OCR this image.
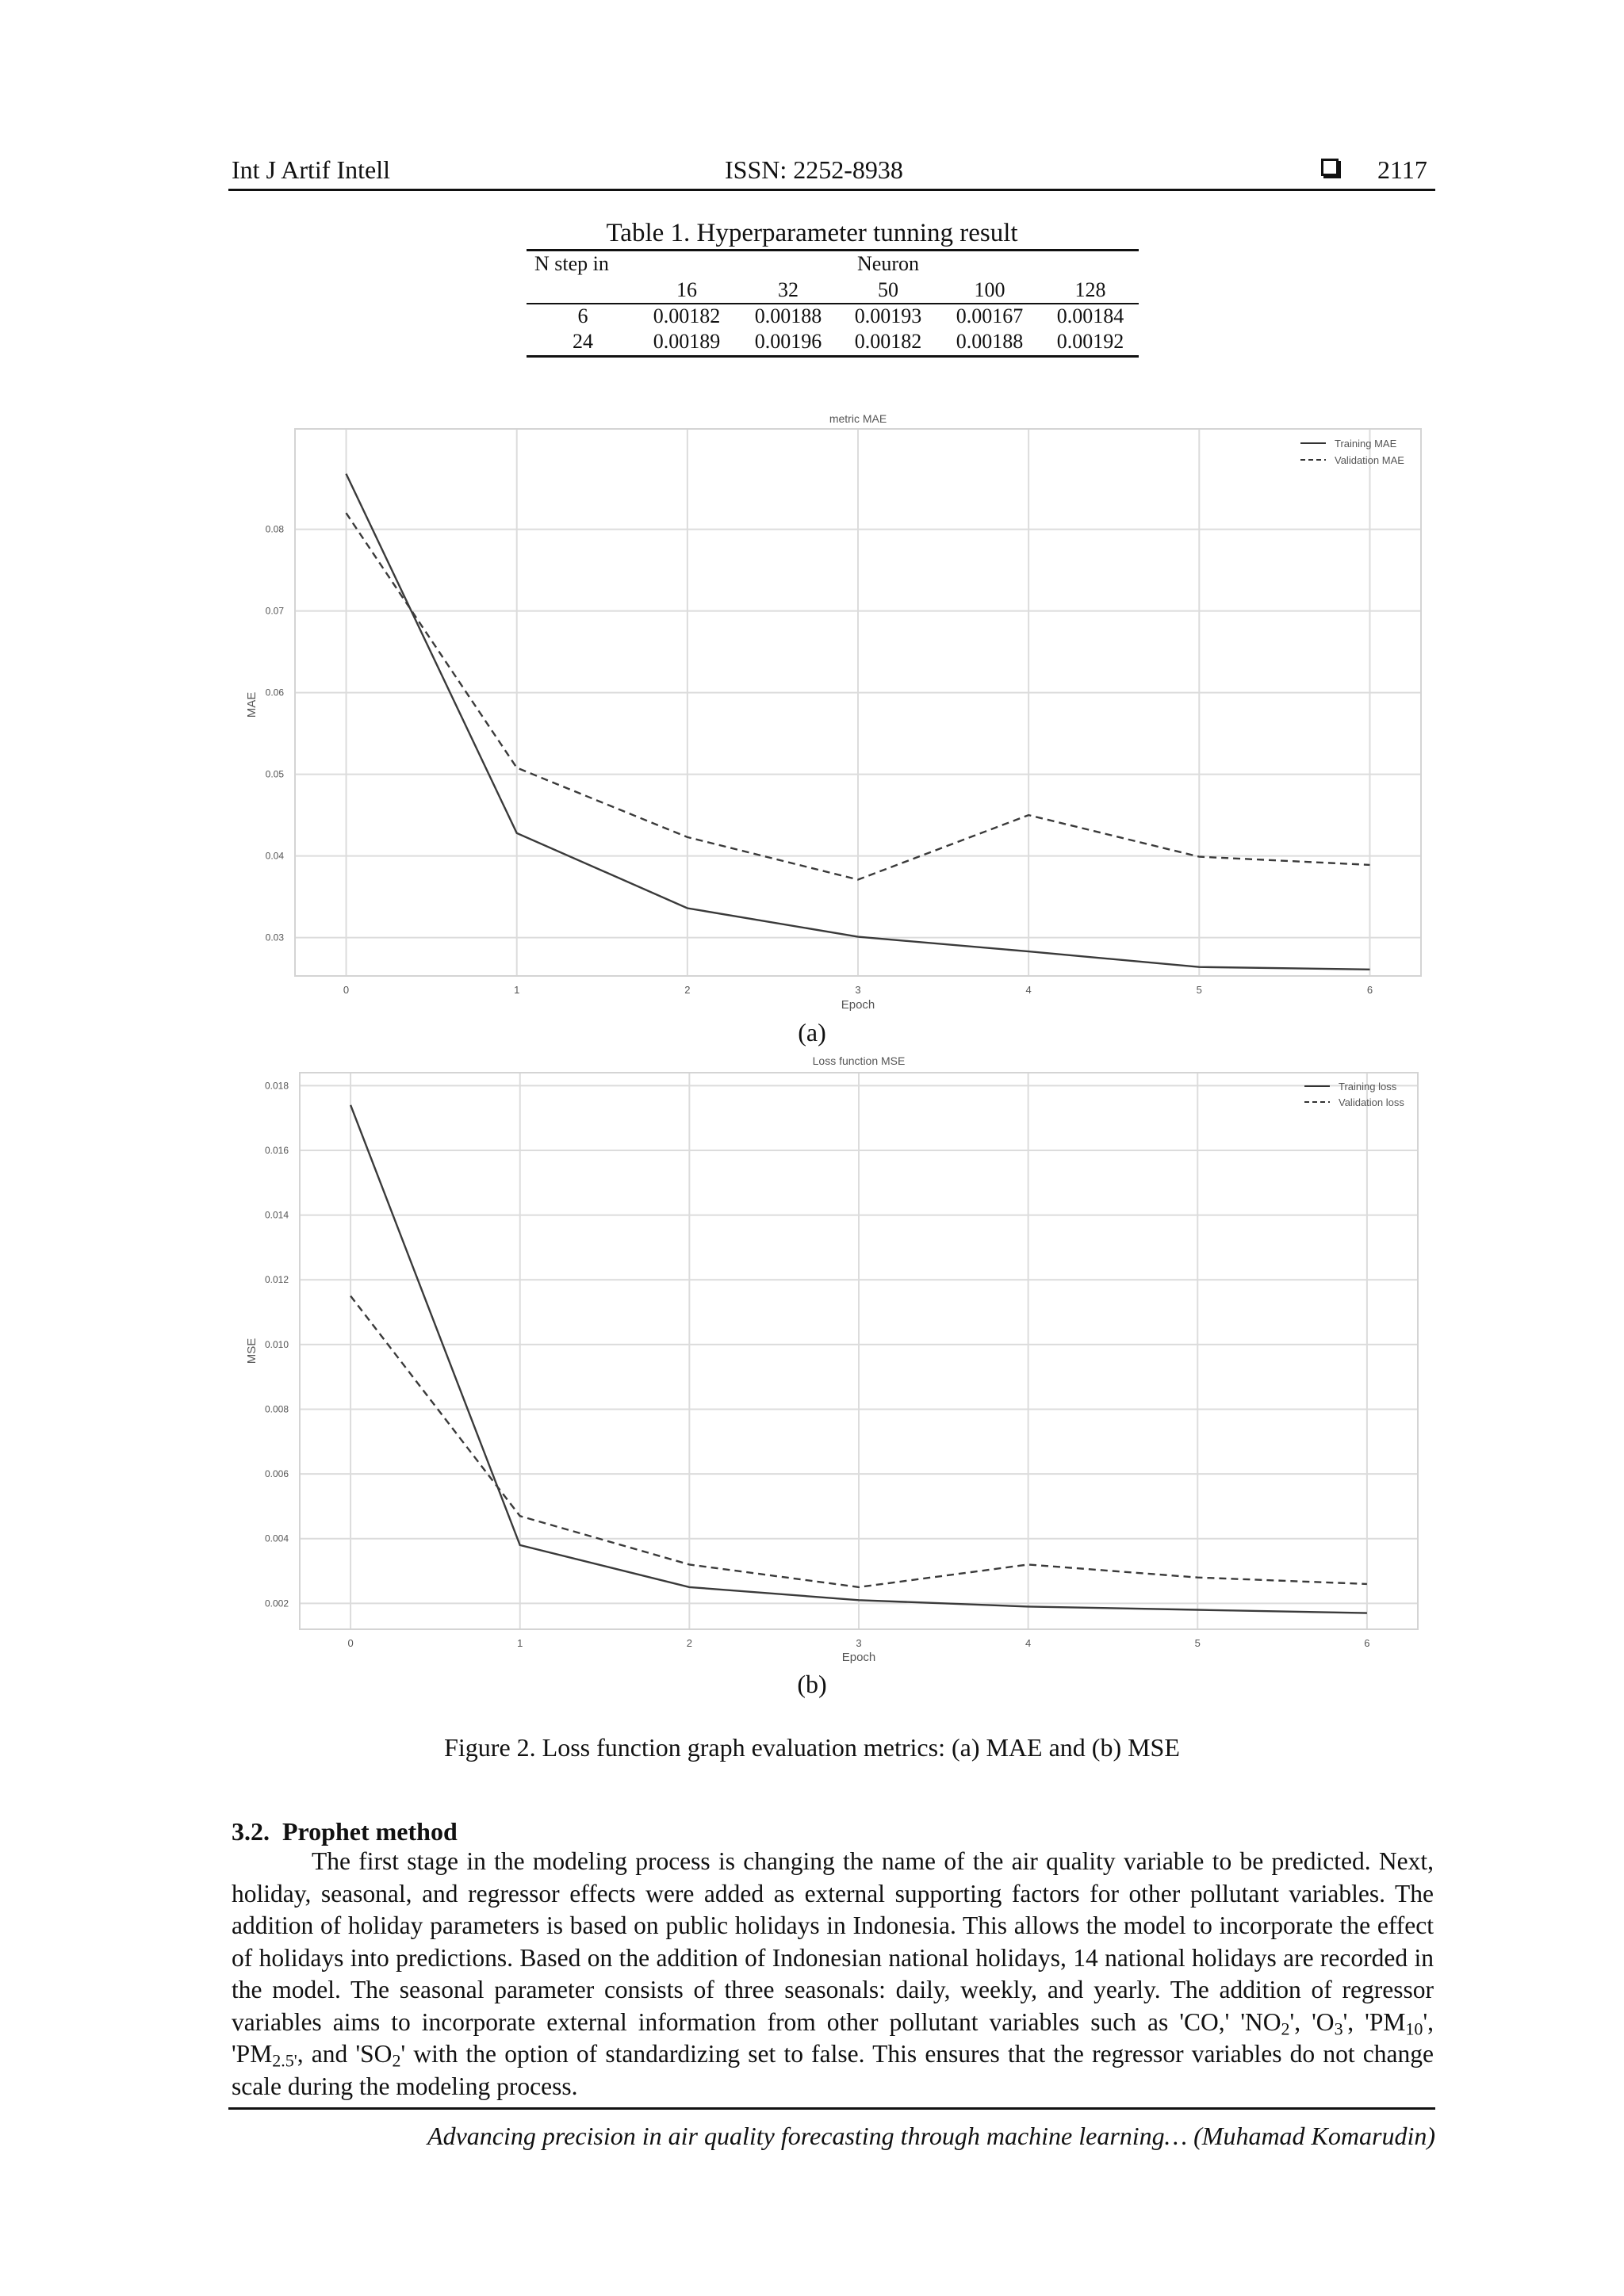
Int J Artif Intell	ISSN: 2252-8938	2117
Table 1. Hyperparameter tunning result
N step in	Neuron
16	32	50	100	128
6	0.00182	0.00188	0.00193	0.00167	0.00184
24	0.00189	0.00196	0.00182	0.00188	0.00192
0	1	2	3	4	5	6
0.03
0.04
0.05
0.06
0.07
0.08
metric MAE
Epoch
MAE
Training MAE
Validation MAE
(a)
0	1	2	3	4	5	6
0.002
0.004
0.006
0.008
0.010
0.012
0.014
0.016
0.018
Loss function MSE
Epoch
MSE
Training loss
Validation loss
(b)
Figure 2. Loss function graph evaluation metrics: (a) MAE and (b) MSE
3.2.  Prophet method
The first stage in the modeling process is changing the name of the air quality variable to be predicted. Next, holiday, seasonal, and regressor effects were added as external supporting factors for other pollutant variables. The addition of holiday parameters is based on public holidays in Indonesia. This allows the model to incorporate the effect of holidays into predictions. Based on the addition of Indonesian national holidays, 14 national holidays are recorded in the model. The seasonal parameter consists of three seasonals: daily, weekly, and yearly. The addition of regressor variables aims to incorporate external information from other pollutant variables such as 'CO,' '$NO_2$', '$O_3$', '$PM_{10}$', '$PM_{2.5'}$, and '$SO_2$' with the option of standardizing set to false. This ensures that the regressor variables do not change scale during the modeling process.
Advancing precision in air quality forecasting through machine learning… (Muhamad Komarudin)
